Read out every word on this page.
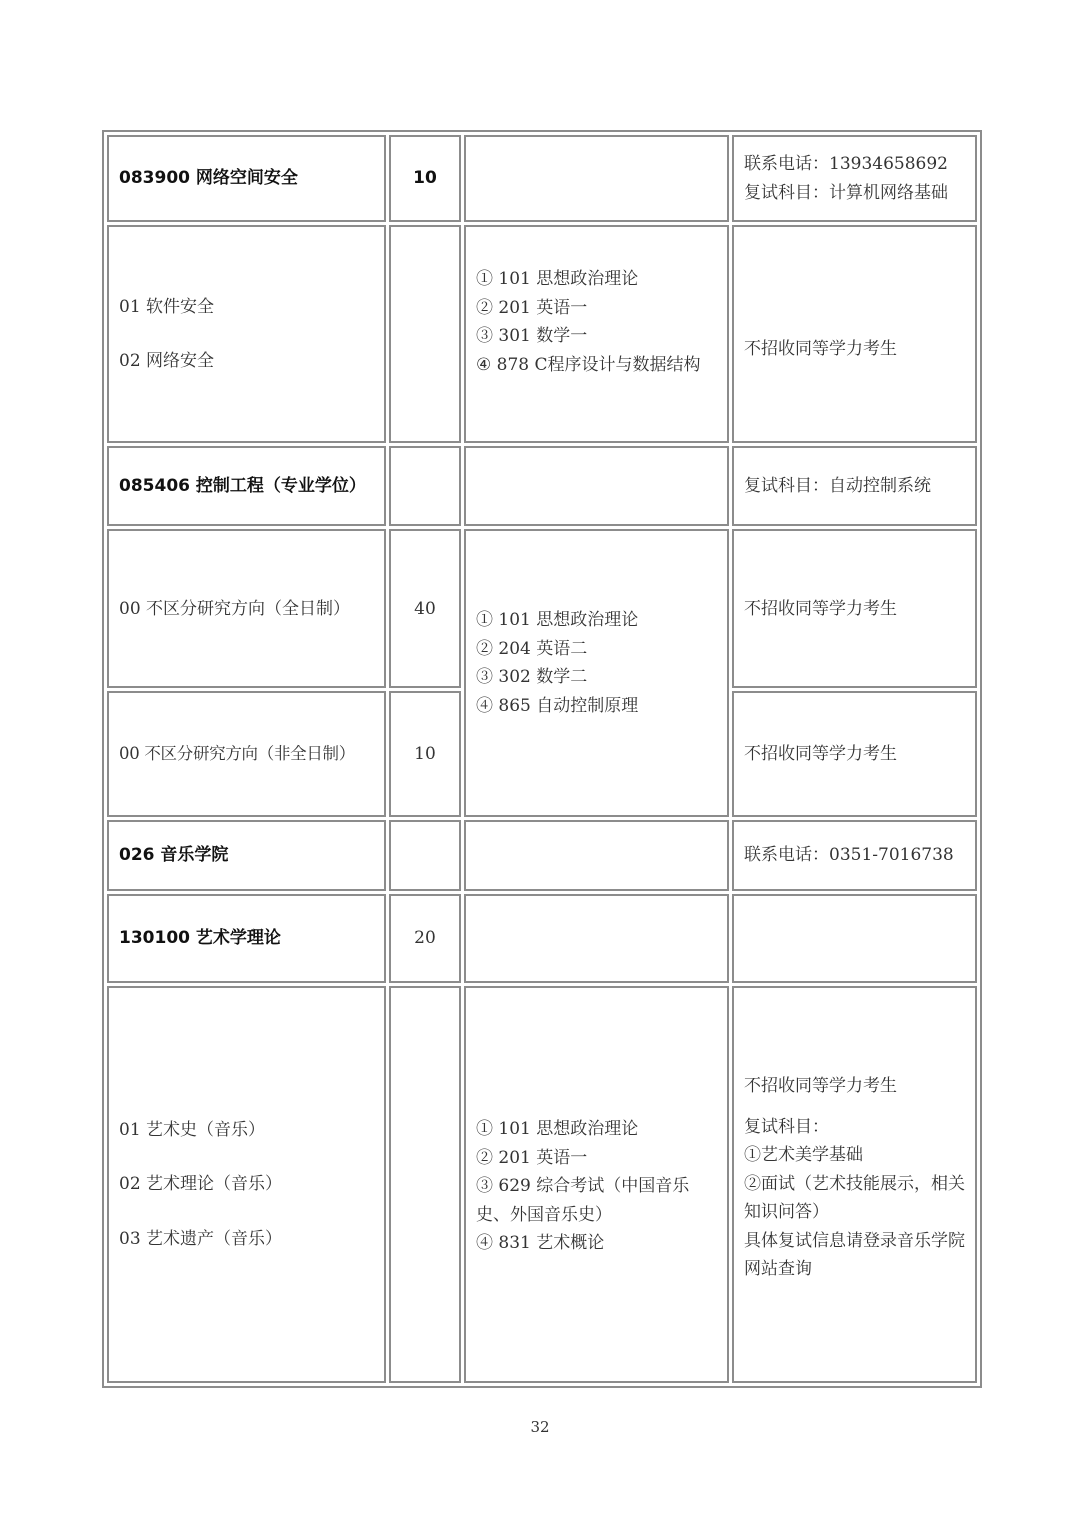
083900 网络空间安全	10		联系电话：13934658692
复试科目：计算机网络基础

01 软件安全
02 网络安全		① 101 思想政治理论
② 201 英语一
③ 301 数学一
④ 878 C程序设计与数据结构	不招收同等学力考生

085406 控制工程（专业学位）			复试科目：自动控制系统

00 不区分研究方向（全日制）	40	① 101 思想政治理论
② 204 英语二
③ 302 数学二
④ 865 自动控制原理	不招收同等学力考生

00 不区分研究方向（非全日制）	10		不招收同等学力考生

026 音乐学院			联系电话：0351-7016738

130100 艺术学理论	20		

01 艺术史（音乐）
02 艺术理论（音乐）
03 艺术遗产（音乐）		① 101 思想政治理论
② 201 英语一
③ 629 综合考试（中国音乐史、外国音乐史）
④ 831 艺术概论	不招收同等学力考生
复试科目：
①艺术美学基础
②面试（艺术技能展示，相关知识问答）
具体复试信息请登录音乐学院网站查询
32
